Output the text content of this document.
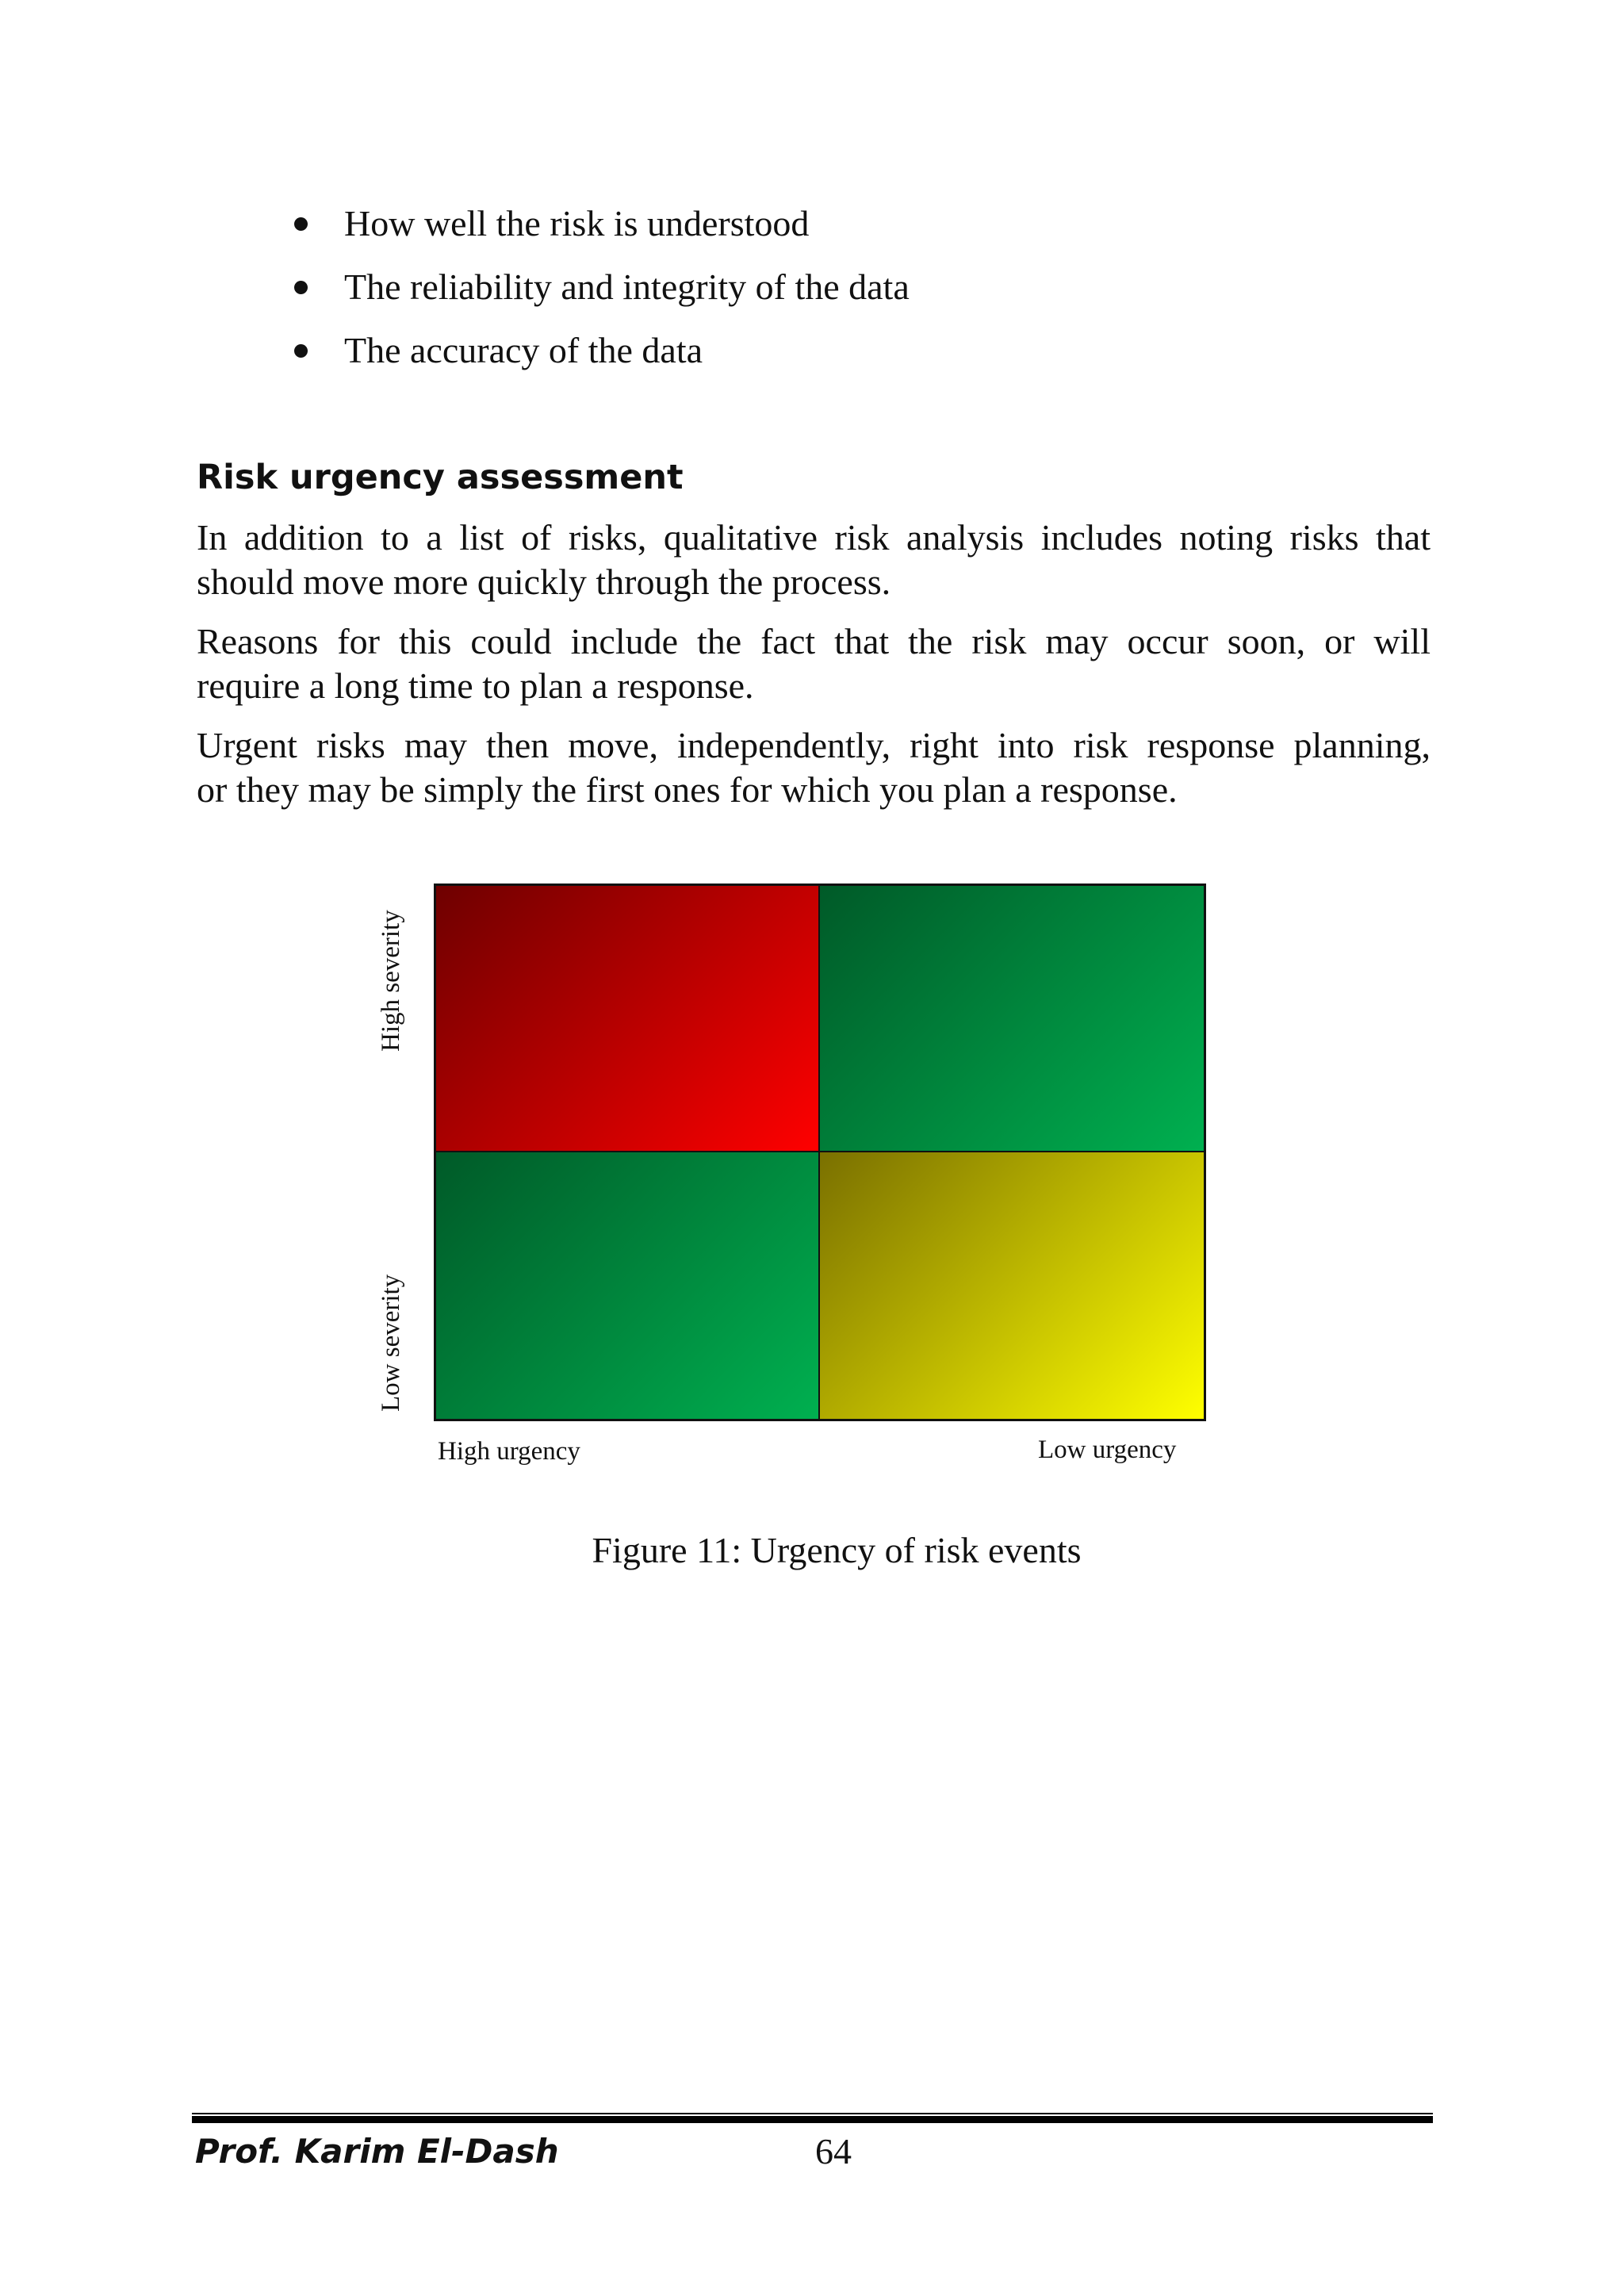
How well the risk is understood
The reliability and integrity of the data
The accuracy of the data
Risk urgency assessment
In addition to a list of risks, qualitative risk analysis includes noting risks that
should move more quickly through the process.
Reasons for this could include the fact that the risk may occur soon, or will
require a long time to plan a response.
Urgent risks may then move, independently, right into risk response planning,
or they may be simply the first ones for which you plan a response.
High severity
Low severity
High urgency	Low urgency
Figure 11: Urgency of risk events
Prof. Karim El-Dash	64
